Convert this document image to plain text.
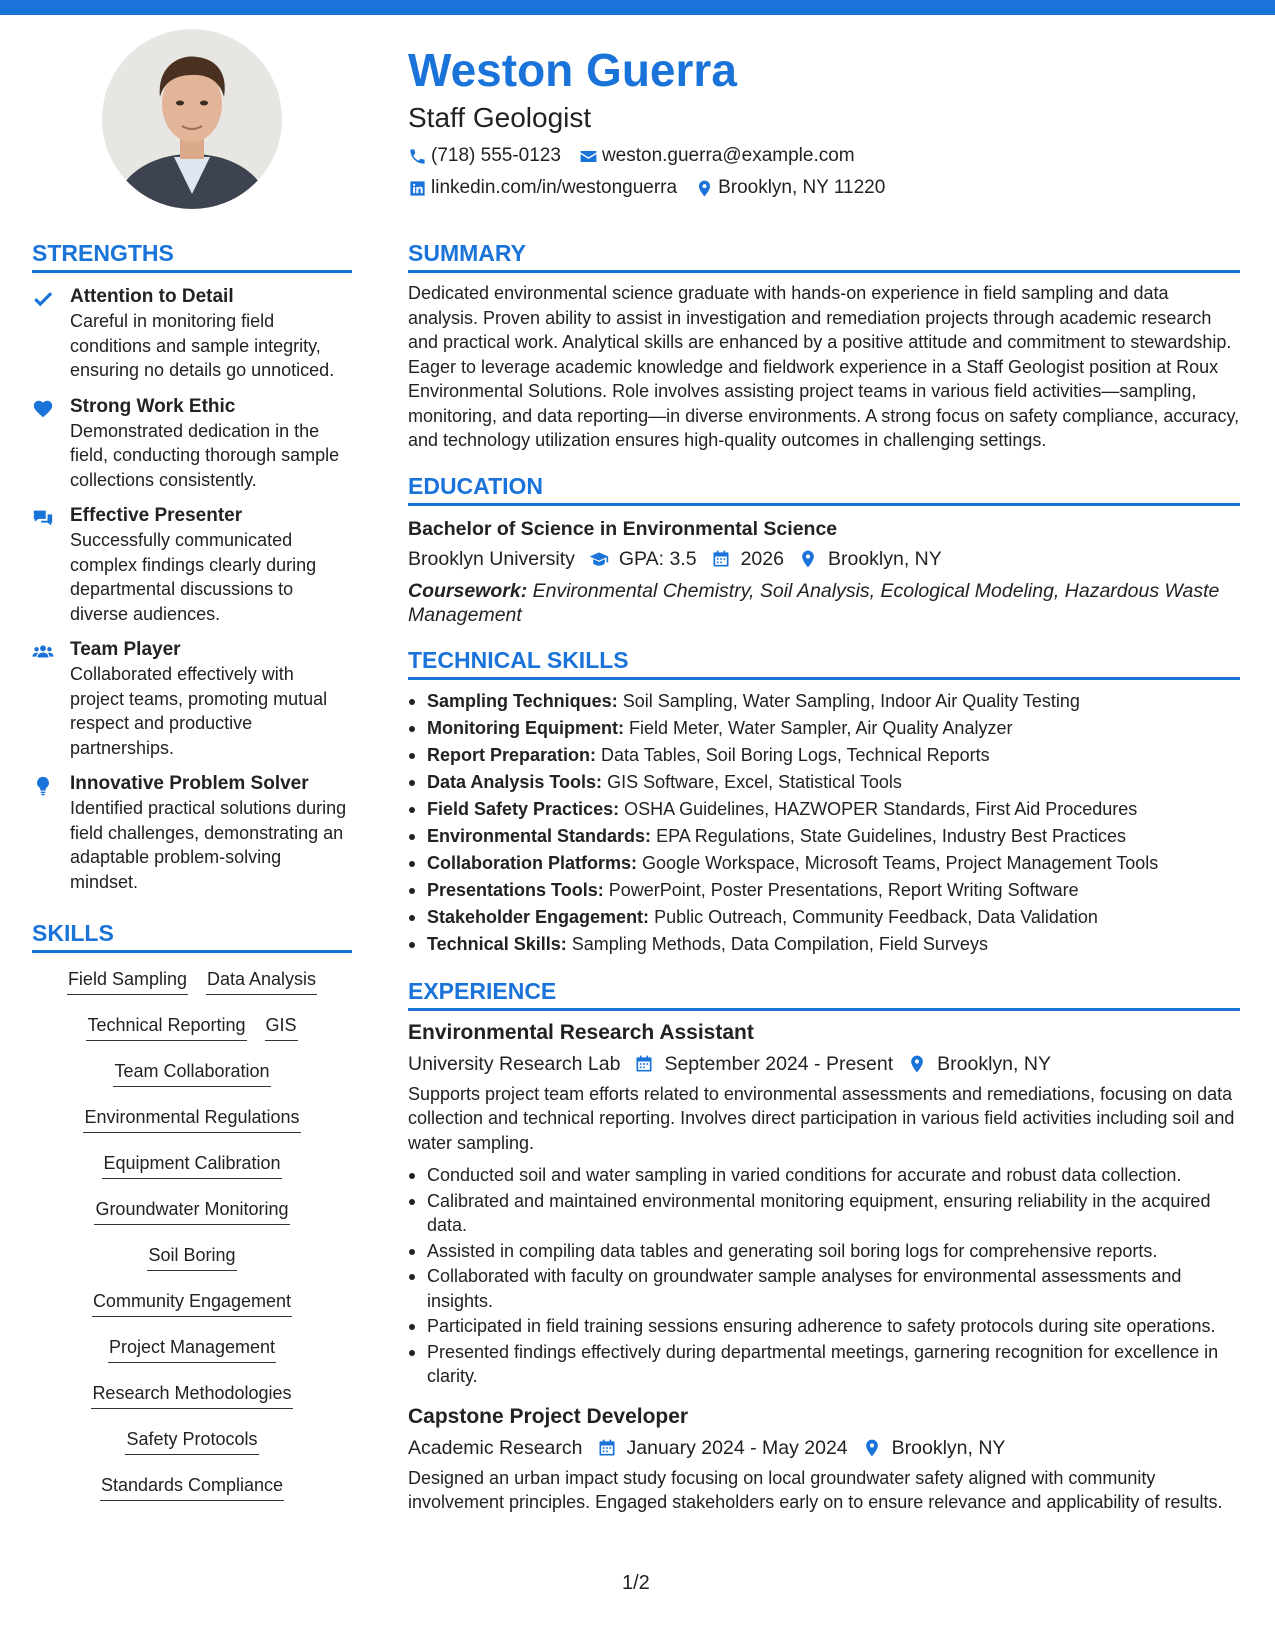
Weston Guerra
Staff Geologist
(718) 555-0123 weston.guerra@example.com
linkedin.com/in/westonguerra Brooklyn, NY 11220
STRENGTHS
Attention to Detail
Careful in monitoring field conditions and sample integrity, ensuring no details go unnoticed.
Strong Work Ethic
Demonstrated dedication in the field, conducting thorough sample collections consistently.
Effective Presenter
Successfully communicated complex findings clearly during departmental discussions to diverse audiences.
Team Player
Collaborated effectively with project teams, promoting mutual respect and productive partnerships.
Innovative Problem Solver
Identified practical solutions during field challenges, demonstrating an adaptable problem-solving mindset.
SKILLS
Field Sampling Data Analysis
Technical Reporting GIS
Team Collaboration
Environmental Regulations
Equipment Calibration
Groundwater Monitoring
Soil Boring
Community Engagement
Project Management
Research Methodologies
Safety Protocols
Standards Compliance
SUMMARY
Dedicated environmental science graduate with hands-on experience in field sampling and data analysis. Proven ability to assist in investigation and remediation projects through academic research and practical work. Analytical skills are enhanced by a positive attitude and commitment to stewardship. Eager to leverage academic knowledge and fieldwork experience in a Staff Geologist position at Roux Environmental Solutions. Role involves assisting project teams in various field activities—sampling, monitoring, and data reporting—in diverse environments. A strong focus on safety compliance, accuracy, and technology utilization ensures high-quality outcomes in challenging settings.
EDUCATION
Bachelor of Science in Environmental Science
Brooklyn University GPA: 3.5 2026 Brooklyn, NY
Coursework: Environmental Chemistry, Soil Analysis, Ecological Modeling, Hazardous Waste Management
TECHNICAL SKILLS
Sampling Techniques: Soil Sampling, Water Sampling, Indoor Air Quality Testing
Monitoring Equipment: Field Meter, Water Sampler, Air Quality Analyzer
Report Preparation: Data Tables, Soil Boring Logs, Technical Reports
Data Analysis Tools: GIS Software, Excel, Statistical Tools
Field Safety Practices: OSHA Guidelines, HAZWOPER Standards, First Aid Procedures
Environmental Standards: EPA Regulations, State Guidelines, Industry Best Practices
Collaboration Platforms: Google Workspace, Microsoft Teams, Project Management Tools
Presentations Tools: PowerPoint, Poster Presentations, Report Writing Software
Stakeholder Engagement: Public Outreach, Community Feedback, Data Validation
Technical Skills: Sampling Methods, Data Compilation, Field Surveys
EXPERIENCE
Environmental Research Assistant
University Research Lab September 2024 - Present Brooklyn, NY
Supports project team efforts related to environmental assessments and remediations, focusing on data collection and technical reporting. Involves direct participation in various field activities including soil and water sampling.
Conducted soil and water sampling in varied conditions for accurate and robust data collection.
Calibrated and maintained environmental monitoring equipment, ensuring reliability in the acquired data.
Assisted in compiling data tables and generating soil boring logs for comprehensive reports.
Collaborated with faculty on groundwater sample analyses for environmental assessments and insights.
Participated in field training sessions ensuring adherence to safety protocols during site operations.
Presented findings effectively during departmental meetings, garnering recognition for excellence in clarity.
Capstone Project Developer
Academic Research January 2024 - May 2024 Brooklyn, NY
Designed an urban impact study focusing on local groundwater safety aligned with community involvement principles. Engaged stakeholders early on to ensure relevance and applicability of results.
1/2
